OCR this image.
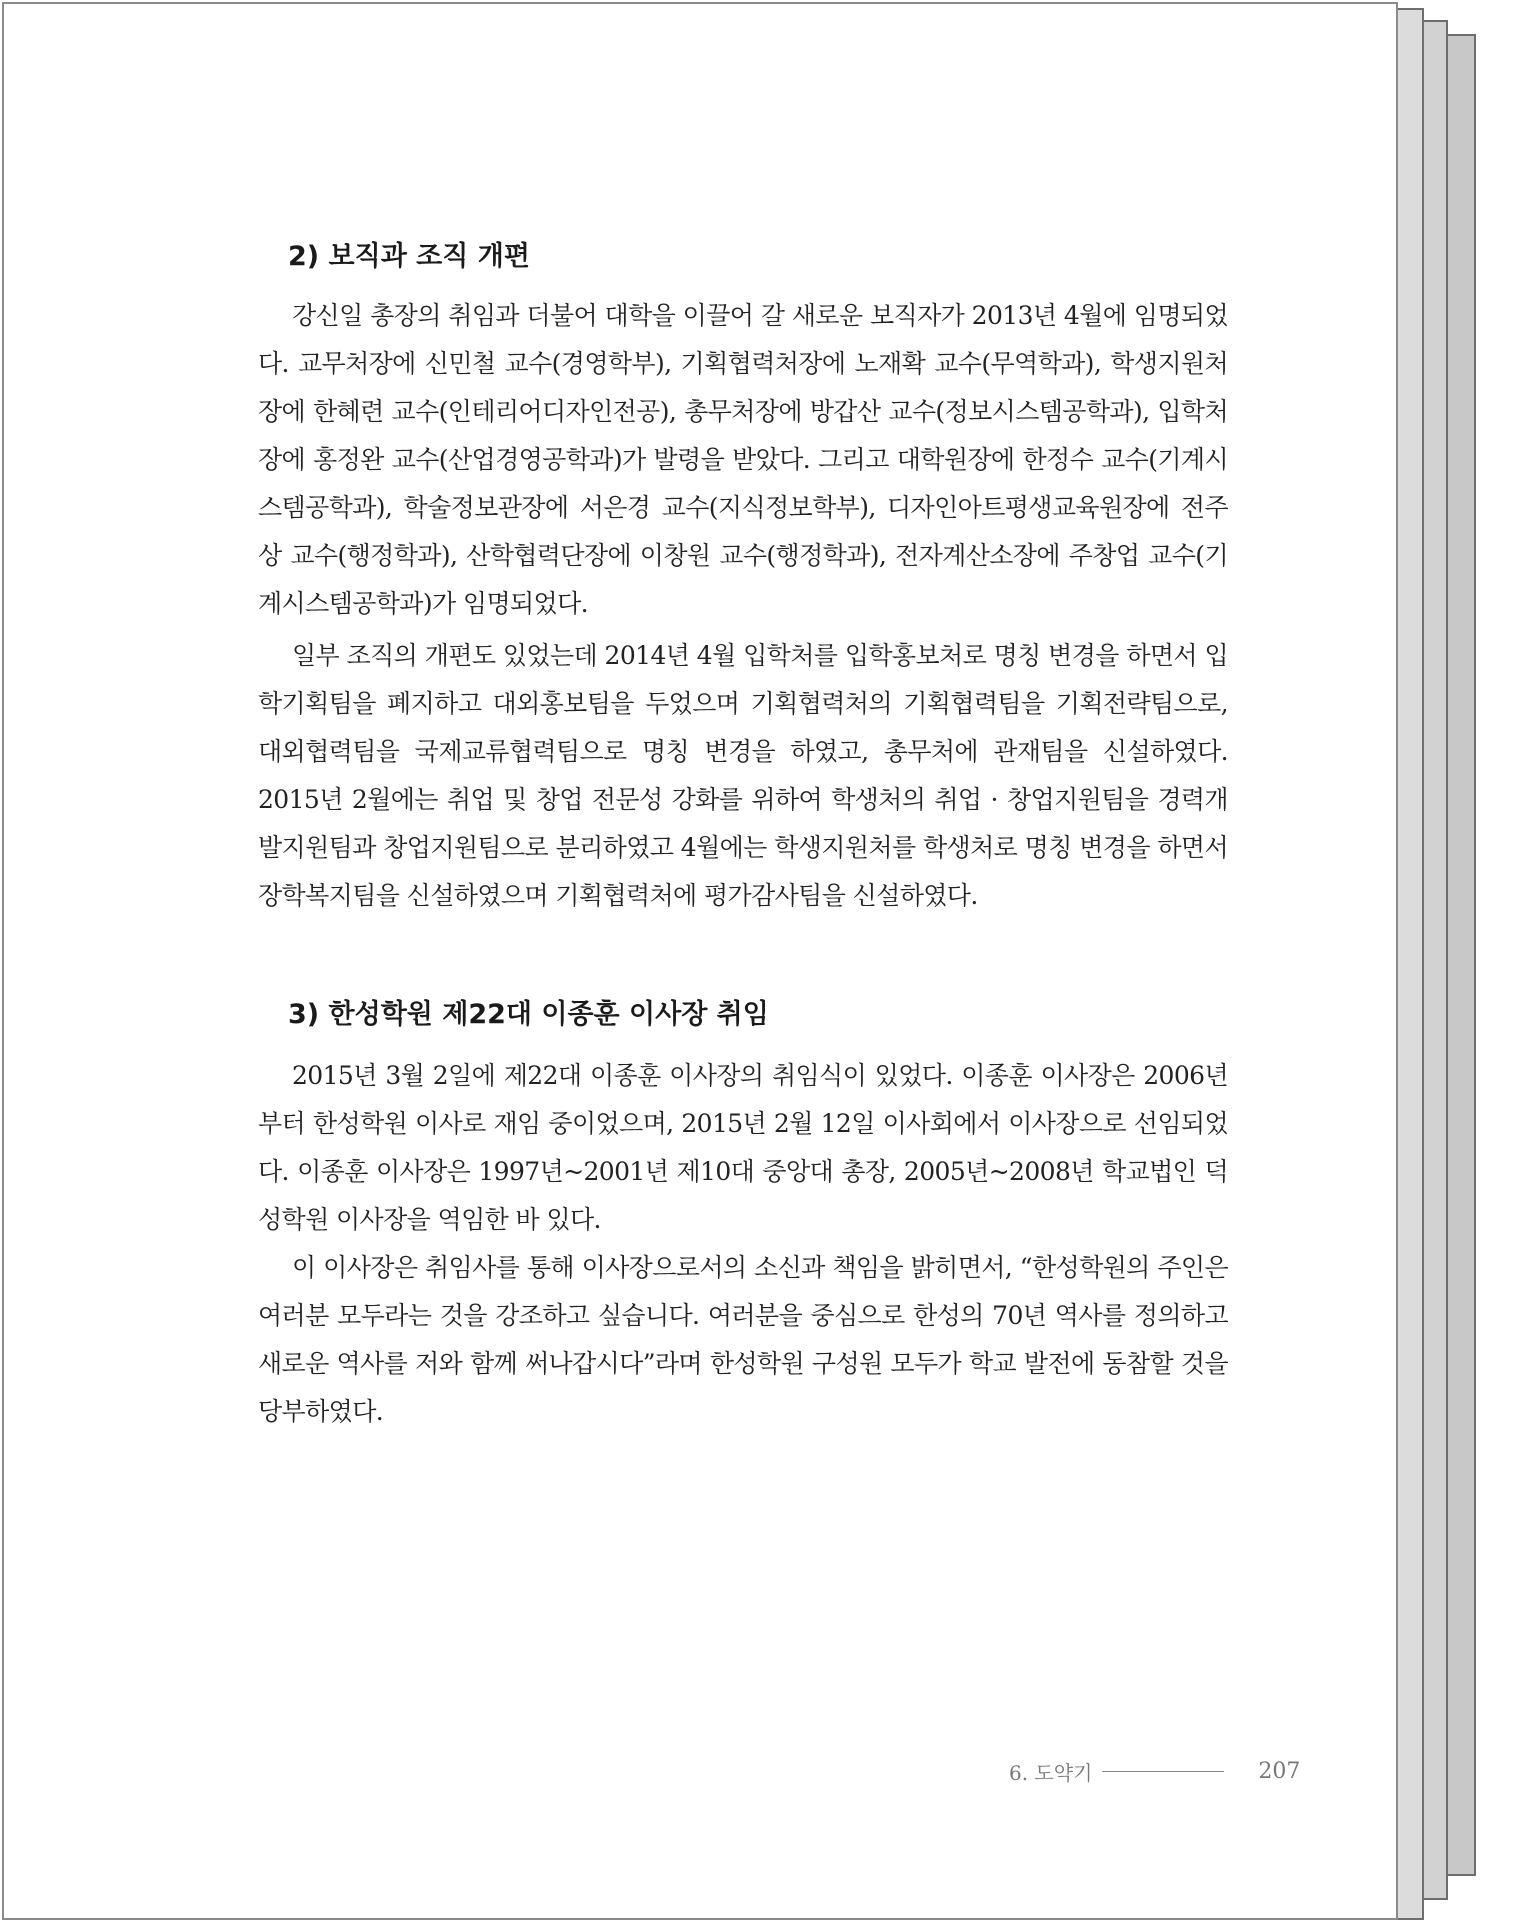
2) 보직과 조직 개편

강신일 총장의 취임과 더불어 대학을 이끌어 갈 새로운 보직자가 2013년 4월에 임명되었다. 교무처장에 신민철 교수(경영학부), 기획협력처장에 노재확 교수(무역학과), 학생지원처장에 한혜련 교수(인테리어디자인전공), 총무처장에 방갑산 교수(정보시스템공학과), 입학처장에 홍정완 교수(산업경영공학과)가 발령을 받았다. 그리고 대학원장에 한정수 교수(기계시스템공학과), 학술정보관장에 서은경 교수(지식정보학부), 디자인아트평생교육원장에 전주상 교수(행정학과), 산학협력단장에 이창원 교수(행정학과), 전자계산소장에 주창업 교수(기계시스템공학과)가 임명되었다.

일부 조직의 개편도 있었는데 2014년 4월 입학처를 입학홍보처로 명칭 변경을 하면서 입학기획팀을 폐지하고 대외홍보팀을 두었으며 기획협력처의 기획협력팀을 기획전략팀으로, 대외협력팀을 국제교류협력팀으로 명칭 변경을 하였고, 총무처에 관재팀을 신설하였다. 2015년 2월에는 취업 및 창업 전문성 강화를 위하여 학생처의 취업 · 창업지원팀을 경력개발지원팀과 창업지원팀으로 분리하였고 4월에는 학생지원처를 학생처로 명칭 변경을 하면서 장학복지팀을 신설하였으며 기획협력처에 평가감사팀을 신설하였다.

3) 한성학원 제22대 이종훈 이사장 취임

2015년 3월 2일에 제22대 이종훈 이사장의 취임식이 있었다. 이종훈 이사장은 2006년부터 한성학원 이사로 재임 중이었으며, 2015년 2월 12일 이사회에서 이사장으로 선임되었다. 이종훈 이사장은 1997년~2001년 제10대 중앙대 총장, 2005년~2008년 학교법인 덕성학원 이사장을 역임한 바 있다.

이 이사장은 취임사를 통해 이사장으로서의 소신과 책임을 밝히면서, “한성학원의 주인은 여러분 모두라는 것을 강조하고 싶습니다. 여러분을 중심으로 한성의 70년 역사를 정의하고 새로운 역사를 저와 함께 써나갑시다”라며 한성학원 구성원 모두가 학교 발전에 동참할 것을 당부하였다.

6. 도약기	207
